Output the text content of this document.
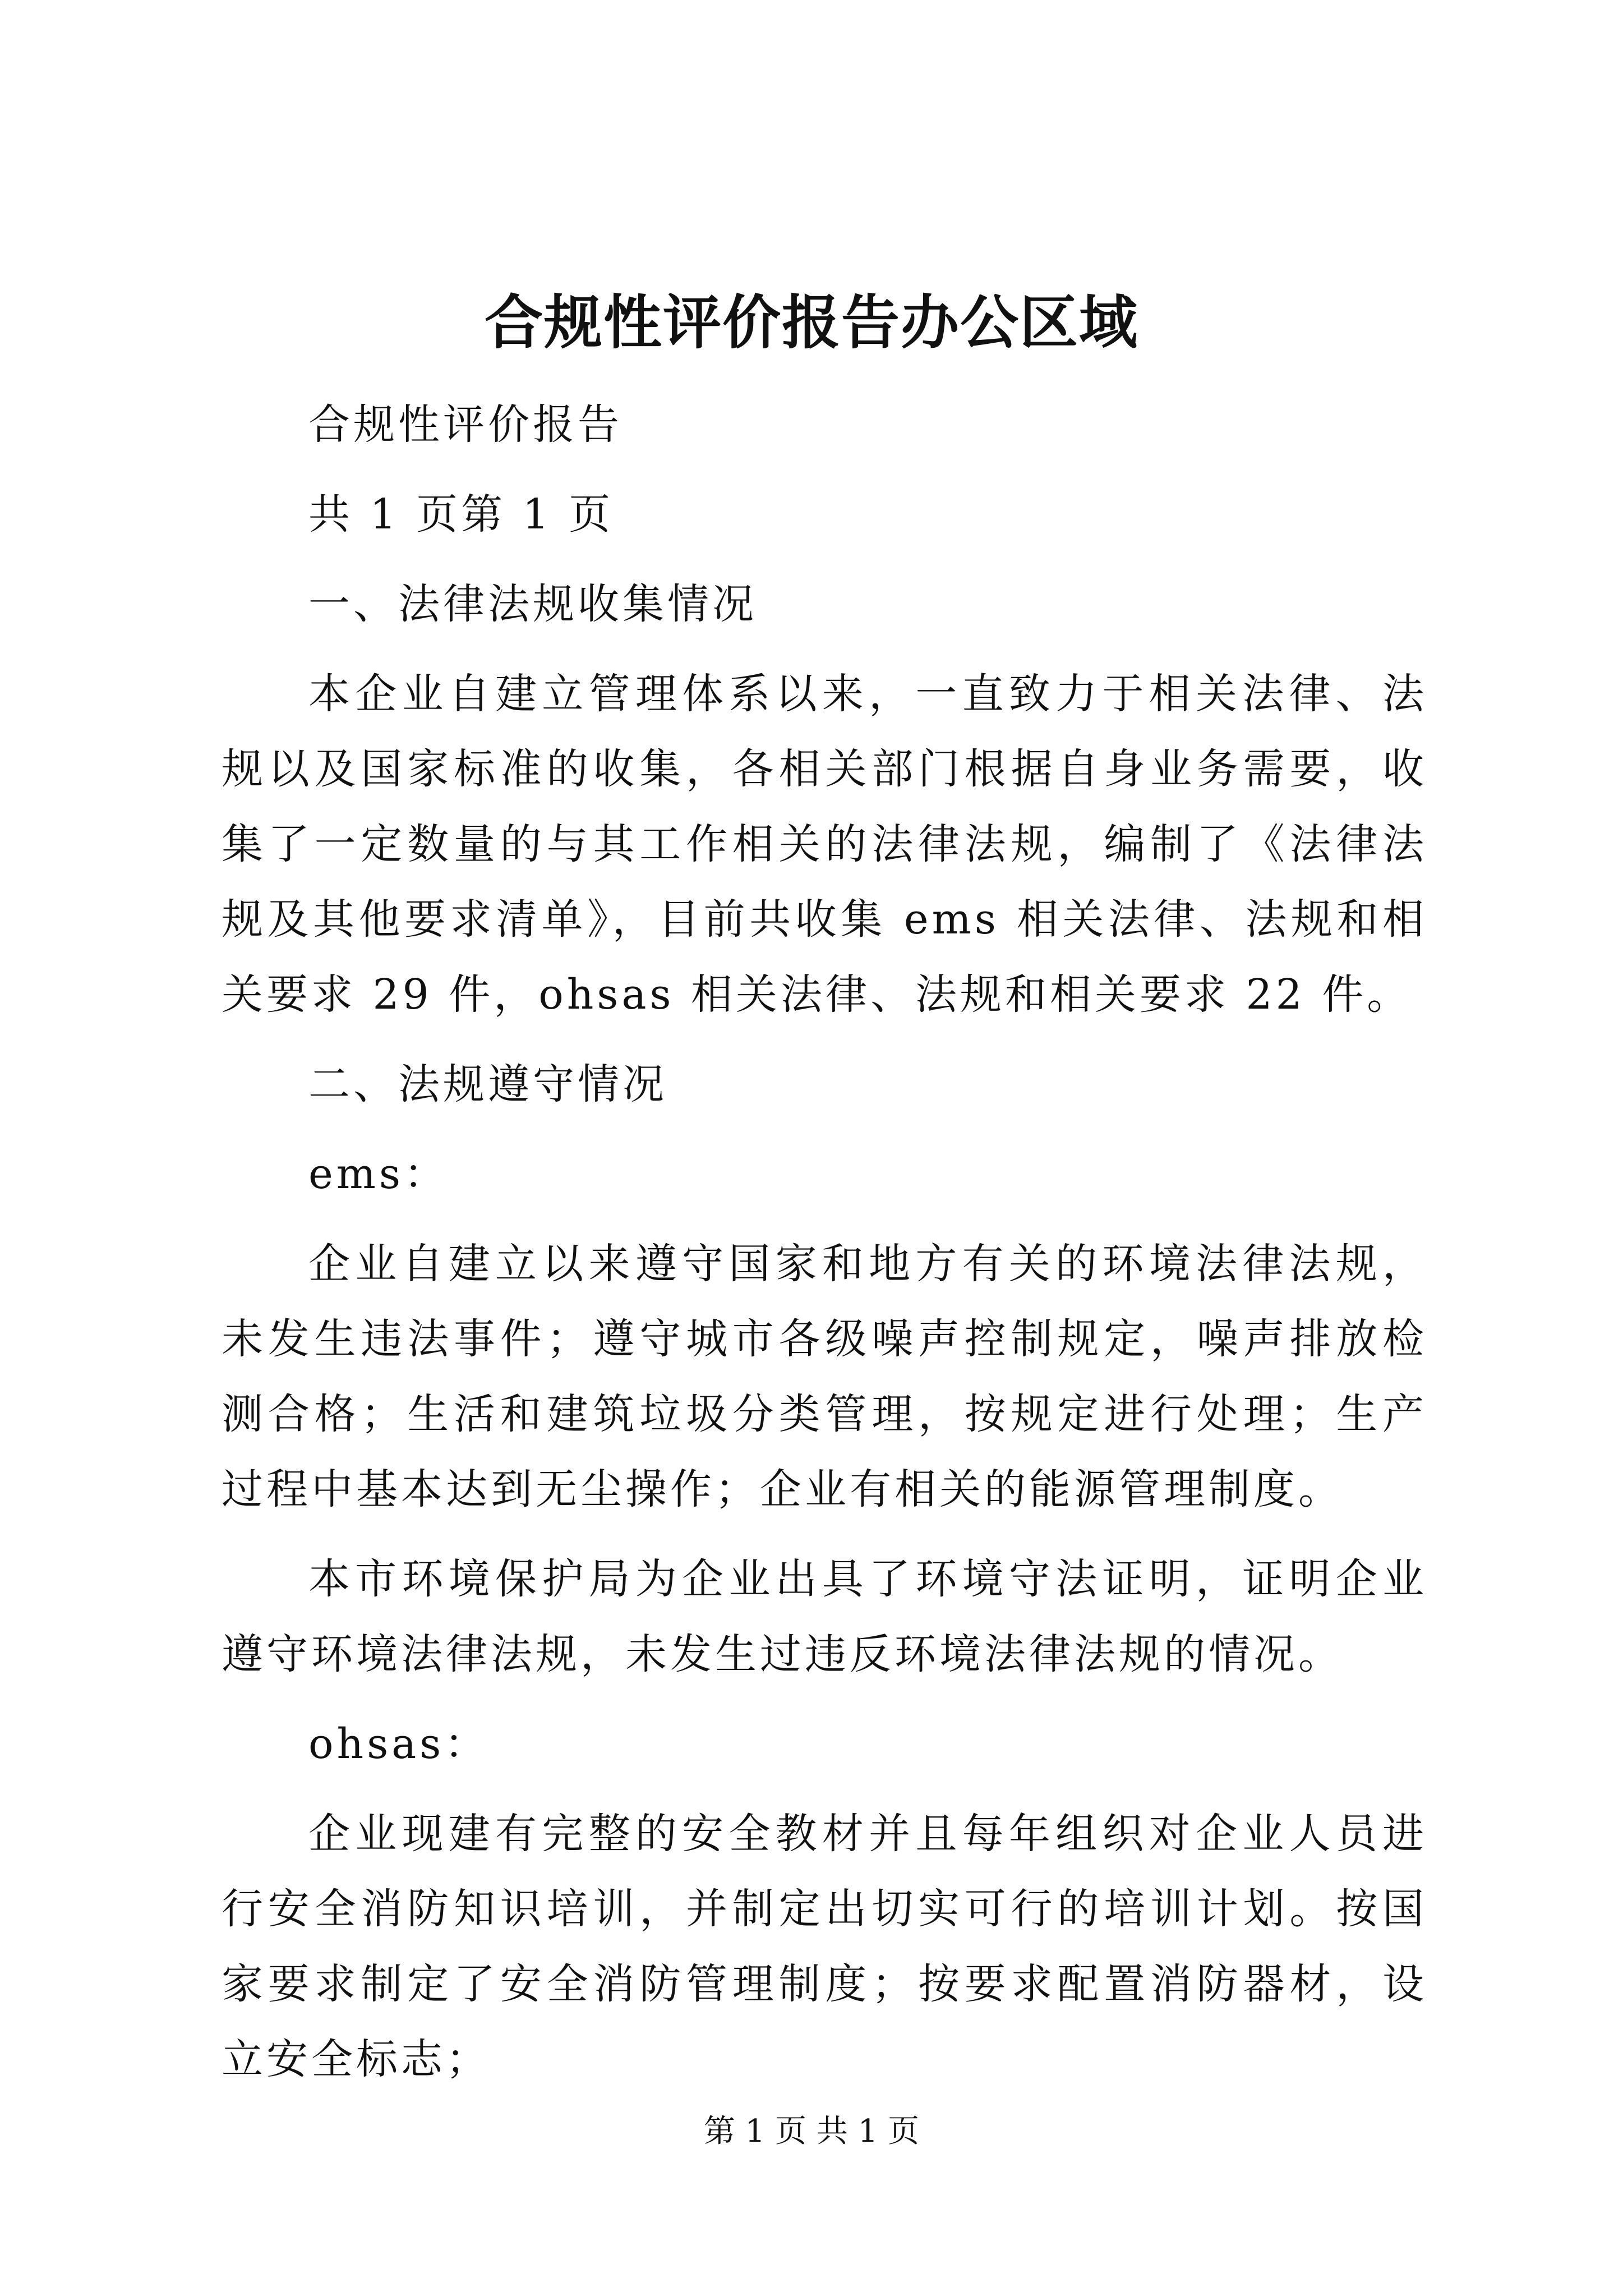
合规性评价报告办公区域

合规性评价报告

共 1 页第 1 页

一、法律法规收集情况

本企业自建立管理体系以来，一直致力于相关法律、法规以及国家标准的收集，各相关部门根据自身业务需要，收集了一定数量的与其工作相关的法律法规，编制了《法律法规及其他要求清单》，目前共收集 ems 相关法律、法规和相关要求 29 件，ohsas 相关法律、法规和相关要求 22 件。

二、法规遵守情况

ems：

企业自建立以来遵守国家和地方有关的环境法律法规，未发生违法事件；遵守城市各级噪声控制规定，噪声排放检测合格；生活和建筑垃圾分类管理，按规定进行处理；生产过程中基本达到无尘操作；企业有相关的能源管理制度。

本市环境保护局为企业出具了环境守法证明，证明企业遵守环境法律法规，未发生过违反环境法律法规的情况。

ohsas：

企业现建有完整的安全教材并且每年组织对企业人员进行安全消防知识培训，并制定出切实可行的培训计划。按国家要求制定了安全消防管理制度；按要求配置消防器材，设立安全标志；

第 1 页 共 1 页
